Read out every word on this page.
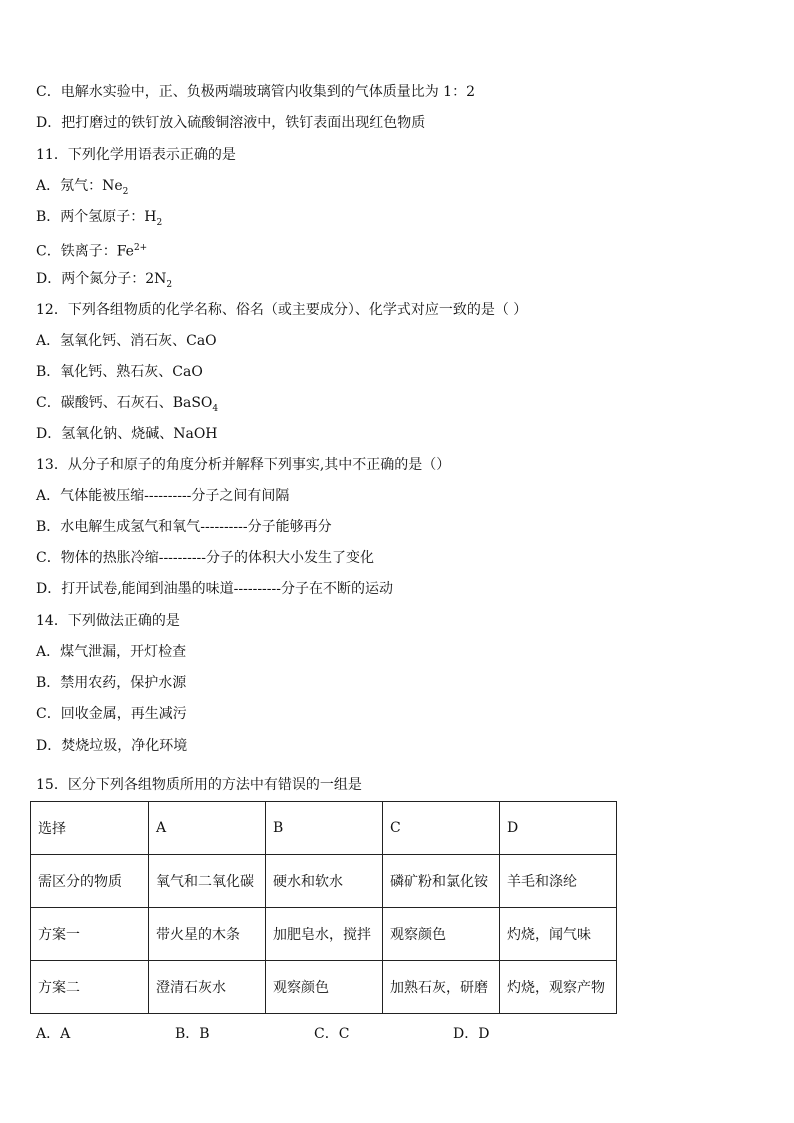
C．电解水实验中，正、负极两端玻璃管内收集到的气体质量比为 1：2
D．把打磨过的铁钉放入硫酸铜溶液中，铁钉表面出现红色物质
11．下列化学用语表示正确的是
A．氖气：$Ne_2$
B．两个氢原子：$H_2$
C．铁离子：$Fe^{2+}$
D．两个氮分子：$2N_2$
12．下列各组物质的化学名称、俗名（或主要成分）、化学式对应一致的是（ ）
A．氢氧化钙、消石灰、CaO
B．氧化钙、熟石灰、CaO
C．碳酸钙、石灰石、BaSO$_4$
D．氢氧化钠、烧碱、NaOH
13．从分子和原子的角度分析并解释下列事实,其中不正确的是（）
A．气体能被压缩----------分子之间有间隔
B．水电解生成氢气和氧气----------分子能够再分
C．物体的热胀冷缩----------分子的体积大小发生了变化
D．打开试卷,能闻到油墨的味道----------分子在不断的运动
14．下列做法正确的是
A．煤气泄漏，开灯检查
B．禁用农药，保护水源
C．回收金属，再生减污
D．焚烧垃圾，净化环境
15．区分下列各组物质所用的方法中有错误的一组是
选择	A	B	C	D
需区分的物质	氧气和二氧化碳	硬水和软水	磷矿粉和氯化铵	羊毛和涤纶
方案一	带火星的木条	加肥皂水，搅拌	观察颜色	灼烧，闻气味
方案二	澄清石灰水	观察颜色	加熟石灰，研磨	灼烧，观察产物
A．A	B．B	C．C	D．D
